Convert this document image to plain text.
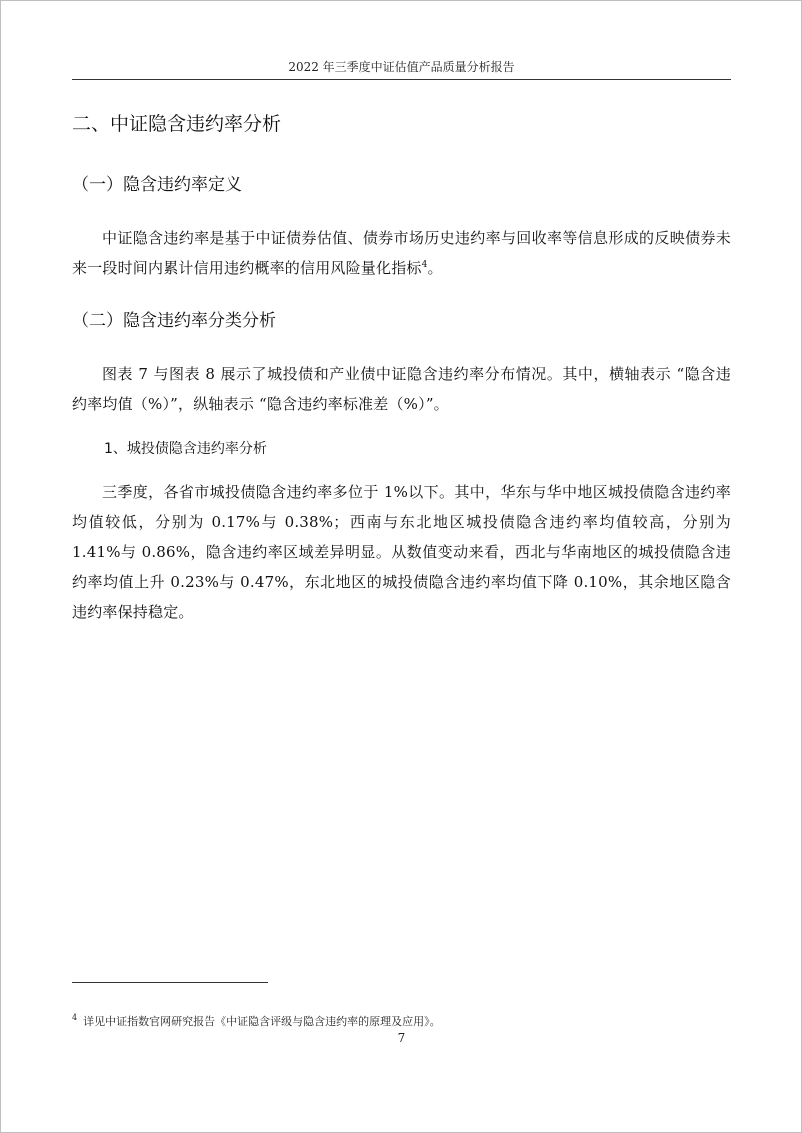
2022 年三季度中证估值产品质量分析报告
二、中证隐含违约率分析
（一）隐含违约率定义

中证隐含违约率是基于中证债券估值、债券市场历史违约率与回收率等信息形成的反映债券未来一段时间内累计信用违约概率的信用风险量化指标$^4$。

（二）隐含违约率分类分析

图表 7 与图表 8 展示了城投债和产业债中证隐含违约率分布情况。其中，横轴表示 “隐含违约率均值（%）”，纵轴表示 “隐含违约率标准差（%）”。

1、城投债隐含违约率分析

三季度，各省市城投债隐含违约率多位于 1%以下。其中，华东与华中地区城投债隐含违约率均值较低，分别为 0.17%与 0.38%；西南与东北地区城投债隐含违约率均值较高，分别为 1.41%与 0.86%，隐含违约率区域差异明显。从数值变动来看，西北与华南地区的城投债隐含违约率均值上升 0.23%与 0.47%，东北地区的城投债隐含违约率均值下降 0.10%，其余地区隐含违约率保持稳定。

$^4$ 详见中证指数官网研究报告《中证隐含评级与隐含违约率的原理及应用》。
7
